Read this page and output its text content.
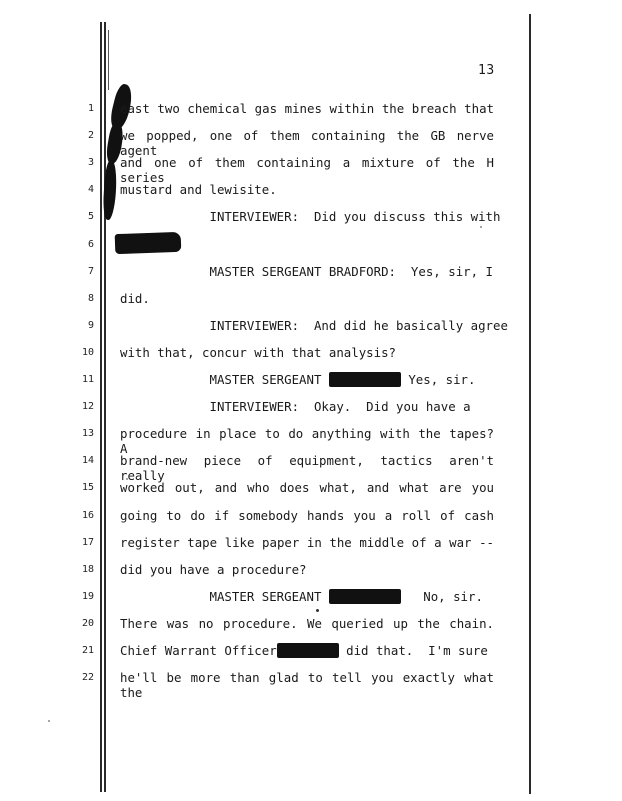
13
1 east two chemical gas mines within the breach that
2 we popped, one of them containing the GB nerve agent
3 and one of them containing a mixture of the H series
4 mustard and lewisite.
5 INTERVIEWER:  Did you discuss this with
6
7 MASTER SERGEANT BRADFORD:  Yes, sir, I
8 did.
9 INTERVIEWER:  And did he basically agree
10 with that, concur with that analysis?
11 MASTER SERGEANT	Yes, sir.
12 INTERVIEWER:  Okay.  Did you have a
13 procedure in place to do anything with the tapes? A
14 brand-new piece of equipment, tactics aren't really
15 worked out, and who does what, and what are you
16 going to do if somebody hands you a roll of cash
17 register tape like paper in the middle of a war --
18 did you have a procedure?
19 MASTER SERGEANT	No, sir.
20 There was no procedure. We queried up the chain.
21 Chief Warrant Officer	did that.  I'm sure
22 he'll be more than glad to tell you exactly what the
